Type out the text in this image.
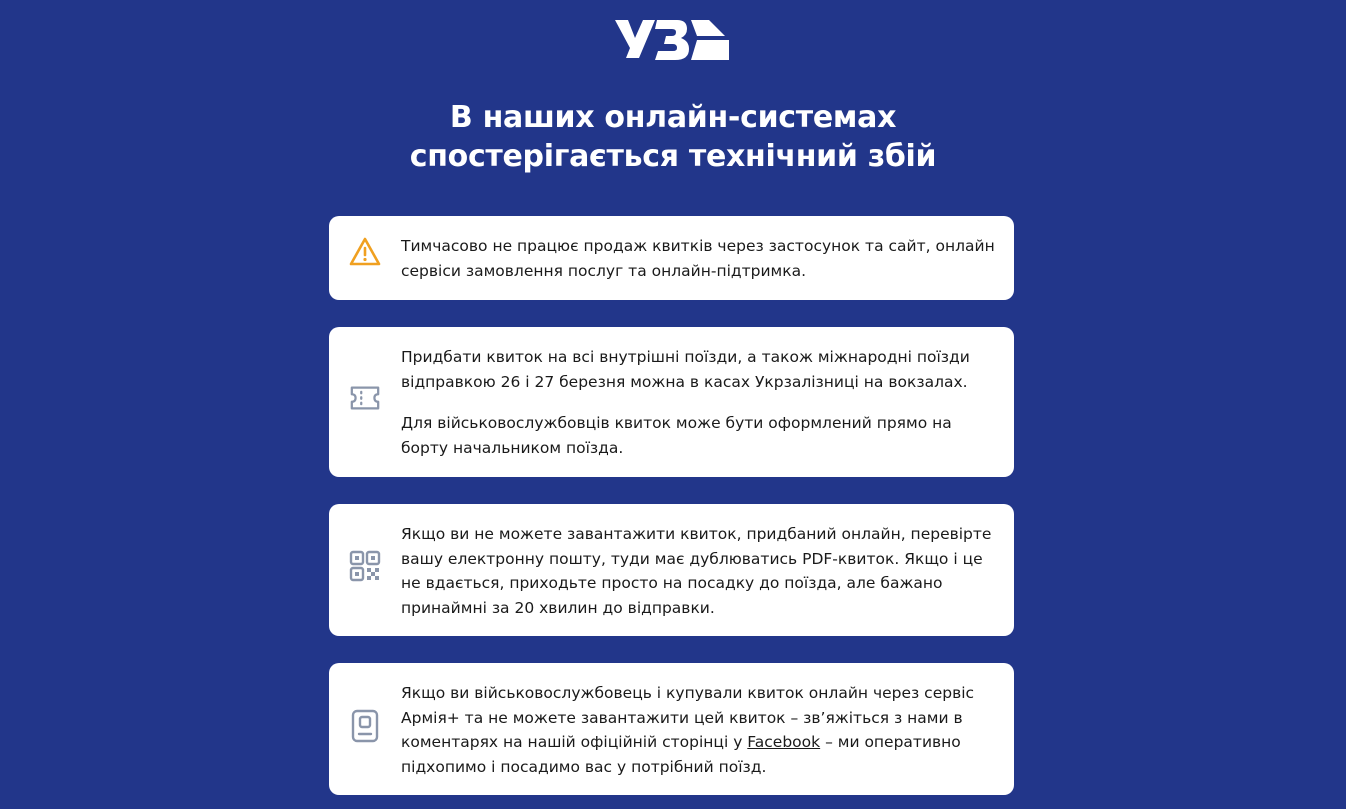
В наших онлайн-системах
спостерігається технічний збій

Тимчасово не працює продаж квитків через застосунок та сайт, онлайн сервіси замовлення послуг та онлайн-підтримка.

Придбати квиток на всі внутрішні поїзди, а також міжнародні поїзди відправкою 26 і 27 березня можна в касах Укрзалізниці на вокзалах.

Для військовослужбовців квиток може бути оформлений прямо на борту начальником поїзда.

Якщо ви не можете завантажити квиток, придбаний онлайн, перевірте вашу електронну пошту, туди має дублюватись PDF-квиток. Якщо і це не вдається, приходьте просто на посадку до поїзда, але бажано принаймні за 20 хвилин до відправки.

Якщо ви військовослужбовець і купували квиток онлайн через сервіс Армія+ та не можете завантажити цей квиток – зв’яжіться з нами в коментарях на нашій офіційній сторінці у Facebook – ми оперативно підхопимо і посадимо вас у потрібний поїзд.
